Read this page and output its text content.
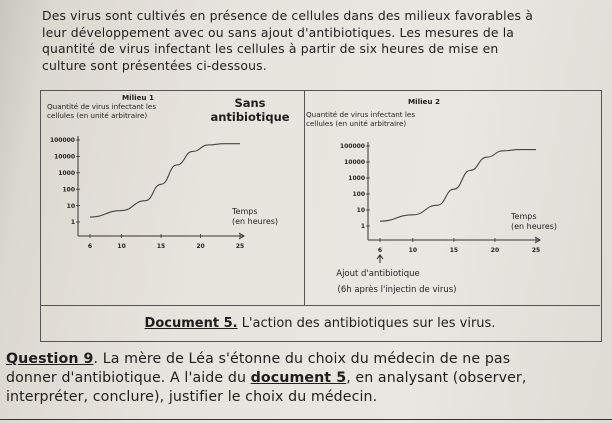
Des virus sont cultivés en présence de cellules dans des milieux favorables à
leur développement avec ou sans ajout d'antibiotiques. Les mesures de la
quantité de virus infectant les cellules à partir de six heures de mise en
culture sont présentées ci-dessous.
Milieu 1	Sans
antibiotique
Quantité de virus infectant les
cellules (en unité arbitraire)
Temps
(en heures)
1
10
100
1000
10000
100000
6	10	15	20	25
Milieu 2
Quantité de virus infectant les
cellules (en unité arbitraire)
Temps
(en heures)
1
10
100
1000
10000
100000
6	10	15	20	25
Ajout d'antibiotique
(6h après l'injectin de virus)
Document 5. L'action des antibiotiques sur les virus.
Question 9. La mère de Léa s'étonne du choix du médecin de ne pas
donner d'antibiotique. A l'aide du document 5, en analysant (observer,
interpréter, conclure), justifier le choix du médecin.
